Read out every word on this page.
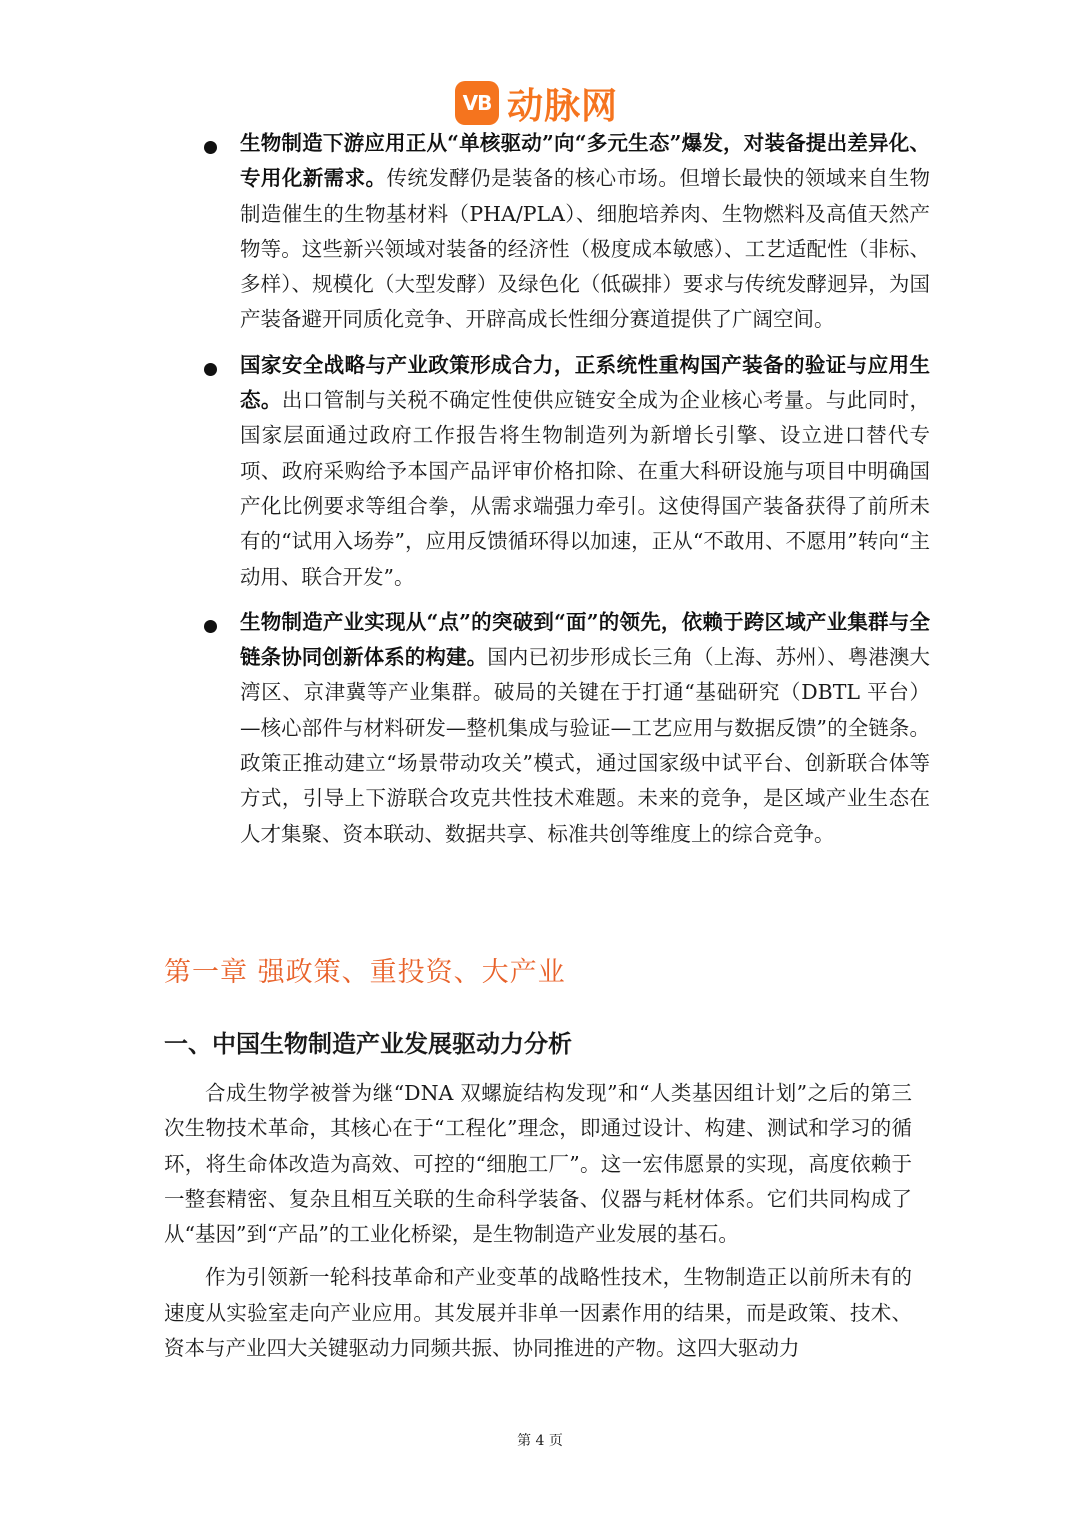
VB 动脉网

生物制造下游应用正从“单核驱动”向“多元生态”爆发，对装备提出差异化、专用化新需求。传统发酵仍是装备的核心市场。但增长最快的领域来自生物制造催生的生物基材料（PHA/PLA）、细胞培养肉、生物燃料及高值天然产物等。这些新兴领域对装备的经济性（极度成本敏感）、工艺适配性（非标、多样）、规模化（大型发酵）及绿色化（低碳排）要求与传统发酵迥异，为国产装备避开同质化竞争、开辟高成长性细分赛道提供了广阔空间。

国家安全战略与产业政策形成合力，正系统性重构国产装备的验证与应用生态。出口管制与关税不确定性使供应链安全成为企业核心考量。与此同时，国家层面通过政府工作报告将生物制造列为新增长引擎、设立进口替代专项、政府采购给予本国产品评审价格扣除、在重大科研设施与项目中明确国产化比例要求等组合拳，从需求端强力牵引。这使得国产装备获得了前所未有的“试用入场券”，应用反馈循环得以加速，正从“不敢用、不愿用”转向“主动用、联合开发”。

生物制造产业实现从“点”的突破到“面”的领先，依赖于跨区域产业集群与全链条协同创新体系的构建。国内已初步形成长三角（上海、苏州）、粤港澳大湾区、京津冀等产业集群。破局的关键在于打通“基础研究（DBTL 平台）—核心部件与材料研发—整机集成与验证—工艺应用与数据反馈”的全链条。政策正推动建立“场景带动攻关”模式，通过国家级中试平台、创新联合体等方式，引导上下游联合攻克共性技术难题。未来的竞争，是区域产业生态在人才集聚、资本联动、数据共享、标准共创等维度上的综合竞争。

第一章 强政策、重投资、大产业
一、中国生物制造产业发展驱动力分析

合成生物学被誉为继“DNA 双螺旋结构发现”和“人类基因组计划”之后的第三次生物技术革命，其核心在于“工程化”理念，即通过设计、构建、测试和学习的循环，将生命体改造为高效、可控的“细胞工厂”。这一宏伟愿景的实现，高度依赖于一整套精密、复杂且相互关联的生命科学装备、仪器与耗材体系。它们共同构成了从“基因”到“产品”的工业化桥梁，是生物制造产业发展的基石。

作为引领新一轮科技革命和产业变革的战略性技术，生物制造正以前所未有的速度从实验室走向产业应用。其发展并非单一因素作用的结果，而是政策、技术、资本与产业四大关键驱动力同频共振、协同推进的产物。这四大驱动力

第 4 页
